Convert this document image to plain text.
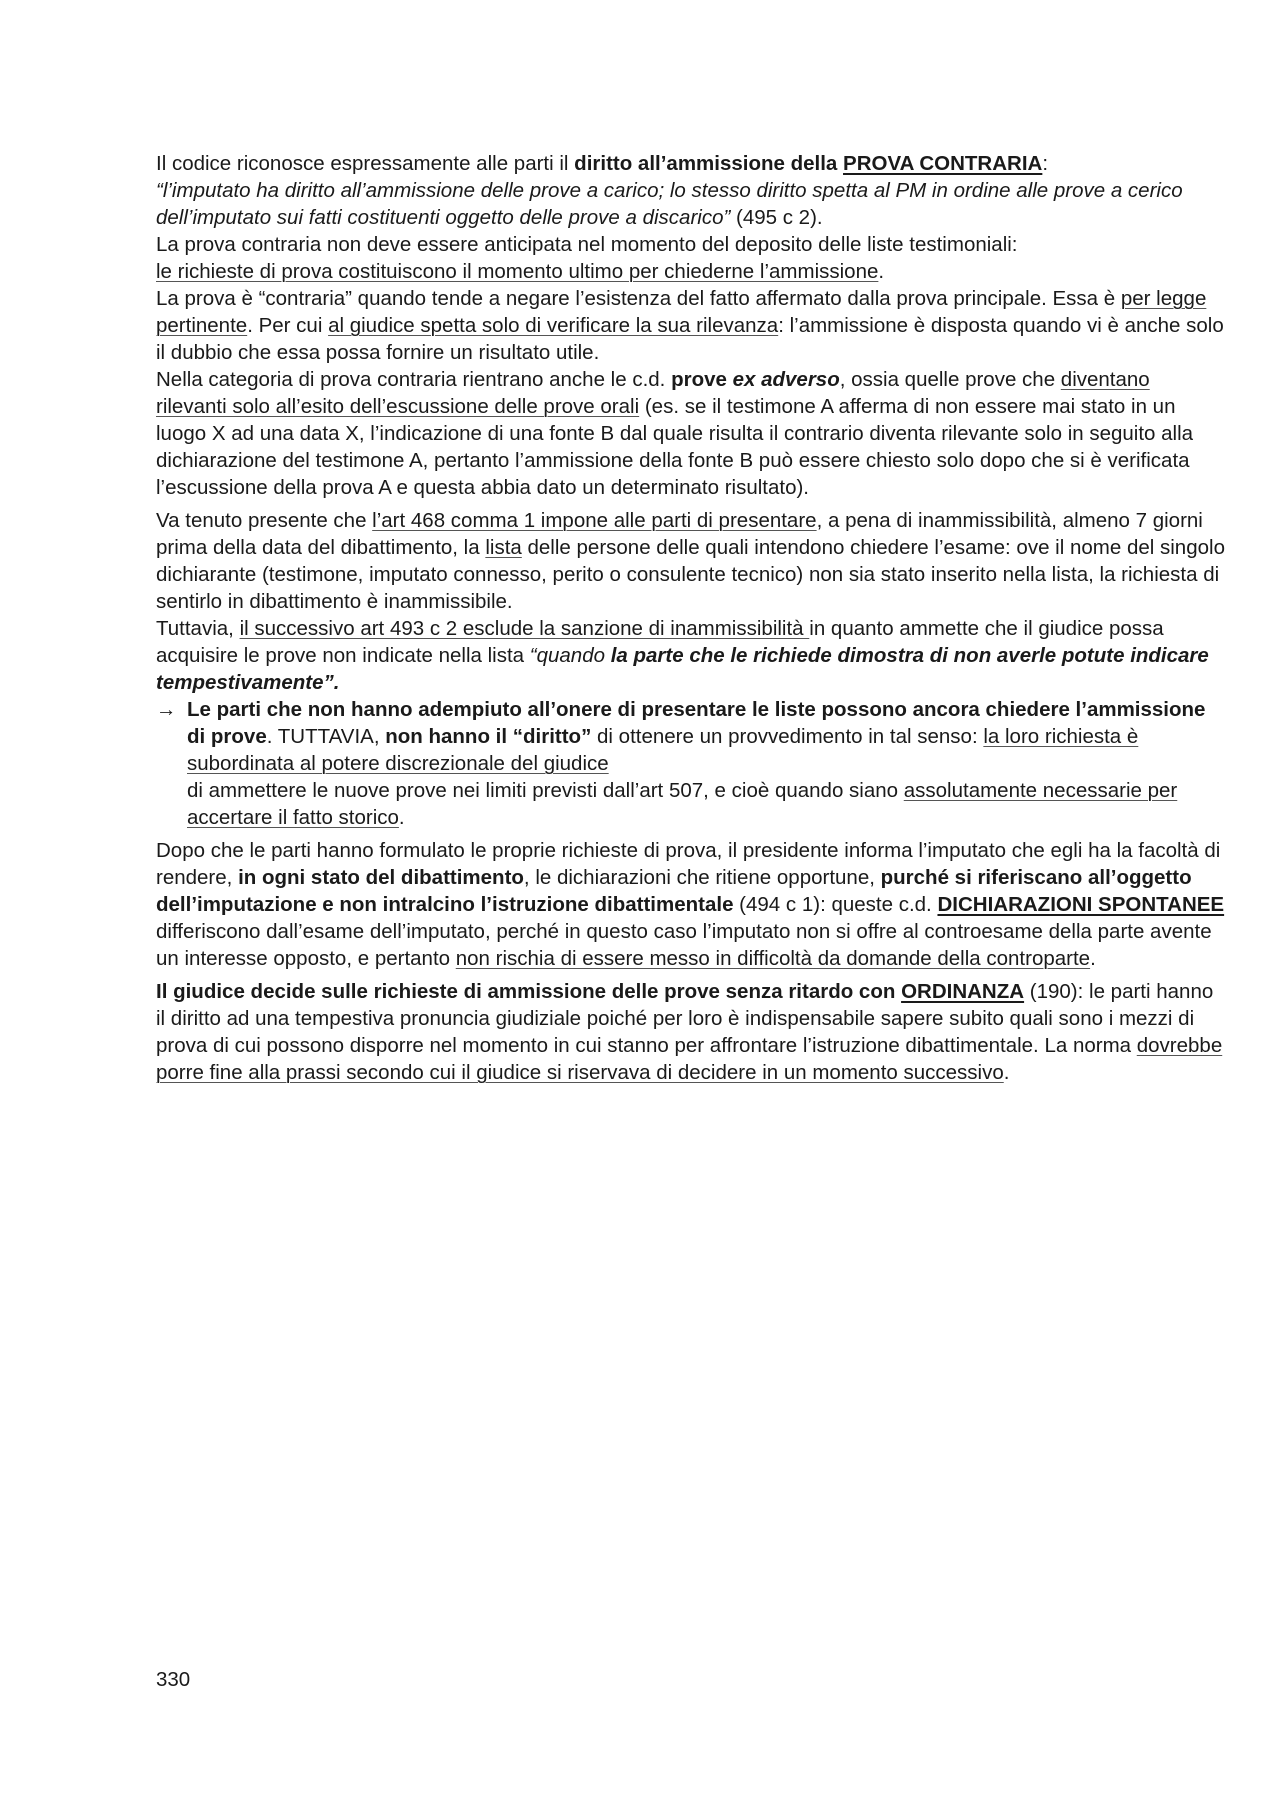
Il codice riconosce espressamente alle parti il diritto all’ammissione della PROVA CONTRARIA:
“l’imputato ha diritto all’ammissione delle prove a carico; lo stesso diritto spetta al PM in ordine alle prove a cerico dell’imputato sui fatti costituenti oggetto delle prove a discarico” (495 c 2).

La prova contraria non deve essere anticipata nel momento del deposito delle liste testimoniali:
le richieste di prova costituiscono il momento ultimo per chiederne l’ammissione.

La prova è “contraria” quando tende a negare l’esistenza del fatto affermato dalla prova principale. Essa è per legge pertinente. Per cui al giudice spetta solo di verificare la sua rilevanza: l’ammissione è disposta quando vi è anche solo il dubbio che essa possa fornire un risultato utile.

Nella categoria di prova contraria rientrano anche le c.d. prove ex adverso, ossia quelle prove che diventano rilevanti solo all’esito dell’escussione delle prove orali (es. se il testimone A afferma di non essere mai stato in un luogo X ad una data X, l’indicazione di una fonte B dal quale risulta il contrario diventa rilevante solo in seguito alla dichiarazione del testimone A, pertanto l’ammissione della fonte B può essere chiesto solo dopo che si è verificata l’escussione della prova A e questa abbia dato un determinato risultato).

Va tenuto presente che l’art 468 comma 1 impone alle parti di presentare, a pena di inammissibilità, almeno 7 giorni prima della data del dibattimento, la lista delle persone delle quali intendono chiedere l’esame: ove il nome del singolo dichiarante (testimone, imputato connesso, perito o consulente tecnico) non sia stato inserito nella lista, la richiesta di sentirlo in dibattimento è inammissibile.

Tuttavia, il successivo art 493 c 2 esclude la sanzione di inammissibilità in quanto ammette che il giudice possa acquisire le prove non indicate nella lista “quando la parte che le richiede dimostra di non averle potute indicare tempestivamente”.

→ Le parti che non hanno adempiuto all’onere di presentare le liste possono ancora chiedere l’ammissione di prove. TUTTAVIA, non hanno il “diritto” di ottenere un provvedimento in tal senso: la loro richiesta è subordinata al potere discrezionale del giudice
di ammettere le nuove prove nei limiti previsti dall’art 507, e cioè quando siano assolutamente necessarie per accertare il fatto storico.

Dopo che le parti hanno formulato le proprie richieste di prova, il presidente informa l’imputato che egli ha la facoltà di rendere, in ogni stato del dibattimento, le dichiarazioni che ritiene opportune, purché si riferiscano all’oggetto dell’imputazione e non intralcino l’istruzione dibattimentale (494 c 1): queste c.d. DICHIARAZIONI SPONTANEE differiscono dall’esame dell’imputato, perché in questo caso l’imputato non si offre al controesame della parte avente un interesse opposto, e pertanto non rischia di essere messo in difficoltà da domande della controparte.

Il giudice decide sulle richieste di ammissione delle prove senza ritardo con ORDINANZA (190): le parti hanno il diritto ad una tempestiva pronuncia giudiziale poiché per loro è indispensabile sapere subito quali sono i mezzi di prova di cui possono disporre nel momento in cui stanno per affrontare l’istruzione dibattimentale. La norma dovrebbe porre fine alla prassi secondo cui il giudice si riservava di decidere in un momento successivo.

330
